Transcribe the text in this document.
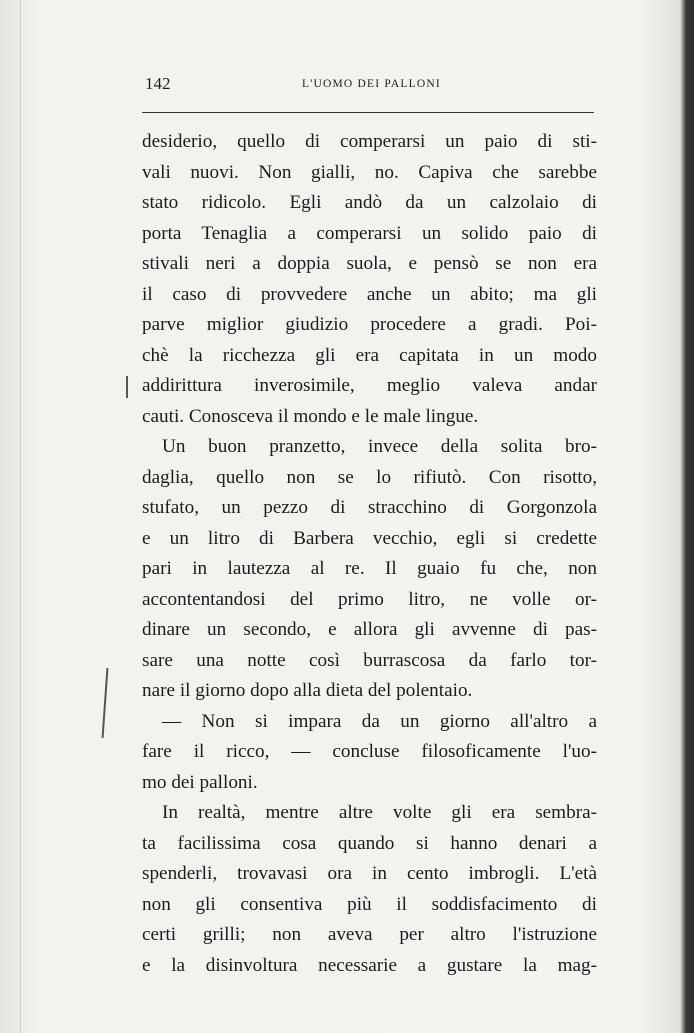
142	L'UOMO DEI PALLONI
desiderio, quello di comperarsi un paio di sti-
vali nuovi. Non gialli, no. Capiva che sarebbe
stato ridicolo. Egli andò da un calzolaio di
porta Tenaglia a comperarsi un solido paio di
stivali neri a doppia suola, e pensò se non era
il caso di provvedere anche un abito; ma gli
parve miglior giudizio procedere a gradi. Poi-
chè la ricchezza gli era capitata in un modo
addirittura inverosimile, meglio valeva andar
cauti. Conosceva il mondo e le male lingue.
Un buon pranzetto, invece della solita bro-
daglia, quello non se lo rifiutò. Con risotto,
stufato, un pezzo di stracchino di Gorgonzola
e un litro di Barbera vecchio, egli si credette
pari in lautezza al re. Il guaio fu che, non
accontentandosi del primo litro, ne volle or-
dinare un secondo, e allora gli avvenne di pas-
sare una notte così burrascosa da farlo tor-
nare il giorno dopo alla dieta del polentaio.
— Non si impara da un giorno all'altro a
fare il ricco, — concluse filosoficamente l'uo-
mo dei palloni.
In realtà, mentre altre volte gli era sembra-
ta facilissima cosa quando si hanno denari a
spenderli, trovavasi ora in cento imbrogli. L'età
non gli consentiva più il soddisfacimento di
certi grilli; non aveva per altro l'istruzione
e la disinvoltura necessarie a gustare la mag-
